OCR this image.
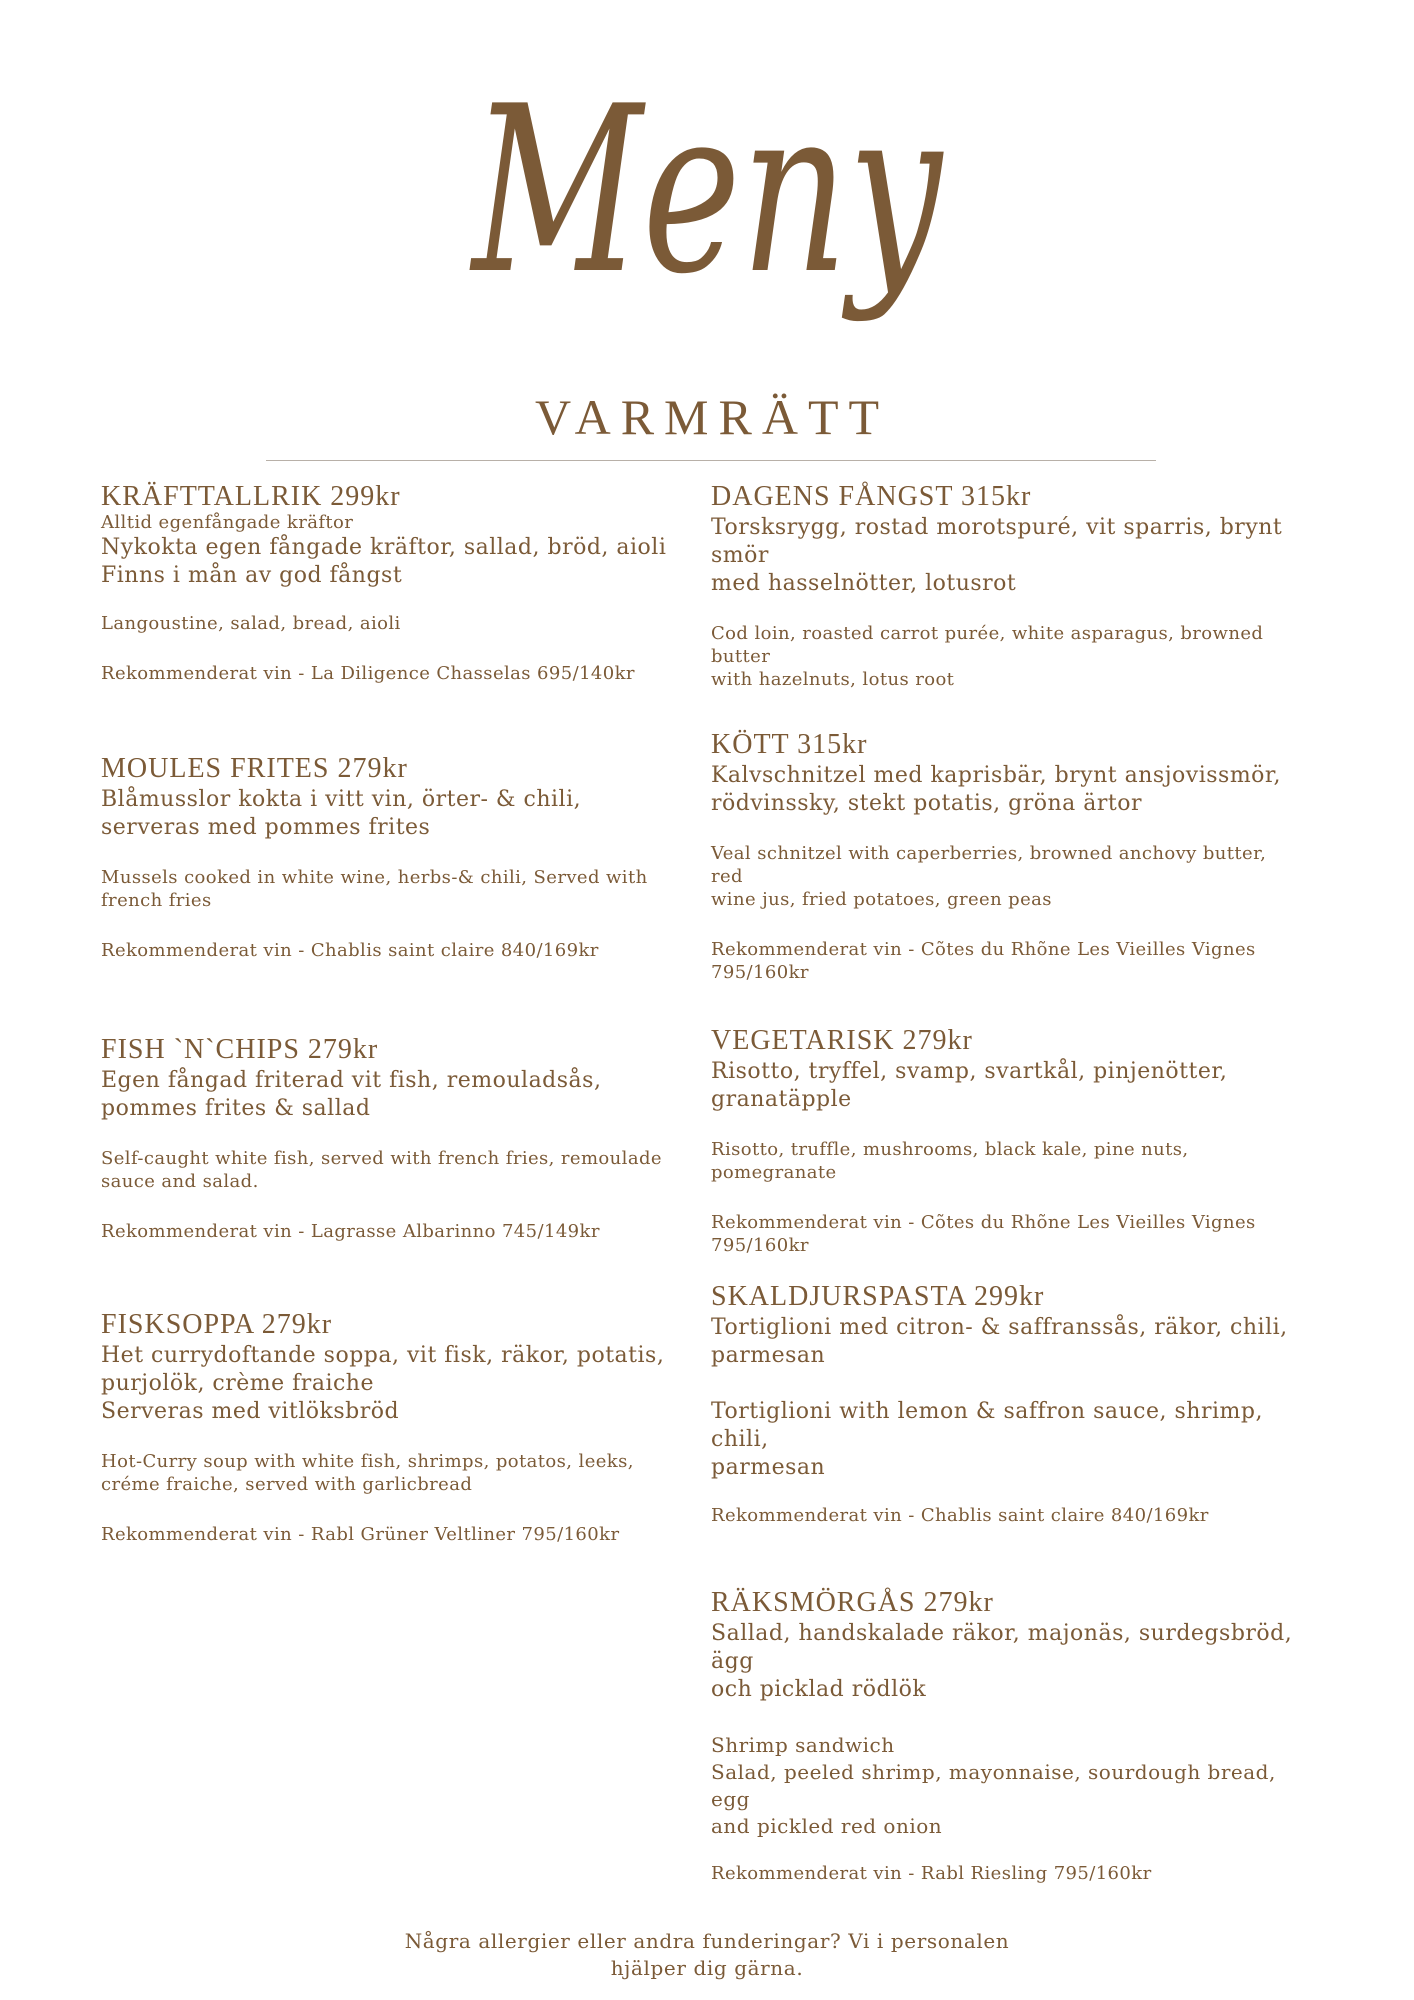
Meny
VARMRÄTT
KRÄFTTALLRIK 299kr

Alltid egenfångade kräftor

Nykokta egen fångade kräftor, sallad, bröd, aioli

Finns i mån av god fångst

Langoustine, salad, bread, aioli

Rekommenderat vin - La Diligence Chasselas 695/140kr

MOULES FRITES 279kr

Blåmusslor kokta i vitt vin, örter- & chili,

serveras med pommes frites

Mussels cooked in white wine, herbs-& chili, Served with

french fries

Rekommenderat vin - Chablis saint claire 840/169kr

FISH `N`CHIPS 279kr

Egen fångad friterad vit fish, remouladsås,

pommes frites & sallad

Self-caught white fish, served with french fries, remoulade

sauce and salad.

Rekommenderat vin - Lagrasse Albarinno 745/149kr

FISKSOPPA 279kr

Het currydoftande soppa, vit fisk, räkor, potatis,

purjolök, crème fraiche

Serveras med vitlöksbröd

Hot-Curry soup with white fish, shrimps, potatos, leeks,

créme fraiche, served with garlicbread

Rekommenderat vin - Rabl Grüner Veltliner 795/160kr

DAGENS FÅNGST 315kr

Torsksrygg, rostad morotspuré, vit sparris, brynt smör

med hasselnötter, lotusrot

Cod loin, roasted carrot purée, white asparagus, browned butter

with hazelnuts, lotus root

KÖTT 315kr

Kalvschnitzel med kaprisbär, brynt ansjovissmör,

rödvinssky, stekt potatis, gröna ärtor

Veal schnitzel with caperberries, browned anchovy butter, red

wine jus, fried potatoes, green peas

Rekommenderat vin - Cõtes du Rhõne Les Vieilles Vignes

795/160kr

VEGETARISK 279kr

Risotto, tryffel, svamp, svartkål, pinjenötter,

granatäpple

Risotto, truffle, mushrooms, black kale, pine nuts, pomegranate

Rekommenderat vin - Cõtes du Rhõne Les Vieilles Vignes

795/160kr

SKALDJURSPASTA 299kr

Tortiglioni med citron- & saffranssås, räkor, chili,

parmesan

Tortiglioni with lemon & saffron sauce, shrimp, chili,

parmesan

Rekommenderat vin - Chablis saint claire 840/169kr

RÄKSMÖRGÅS 279kr

Sallad, handskalade räkor, majonäs, surdegsbröd, ägg

och picklad rödlök

Shrimp sandwich

Salad, peeled shrimp, mayonnaise, sourdough bread, egg

and pickled red onion

Rekommenderat vin - Rabl Riesling 795/160kr

Några allergier eller andra funderingar? Vi i personalen
hjälper dig gärna.
